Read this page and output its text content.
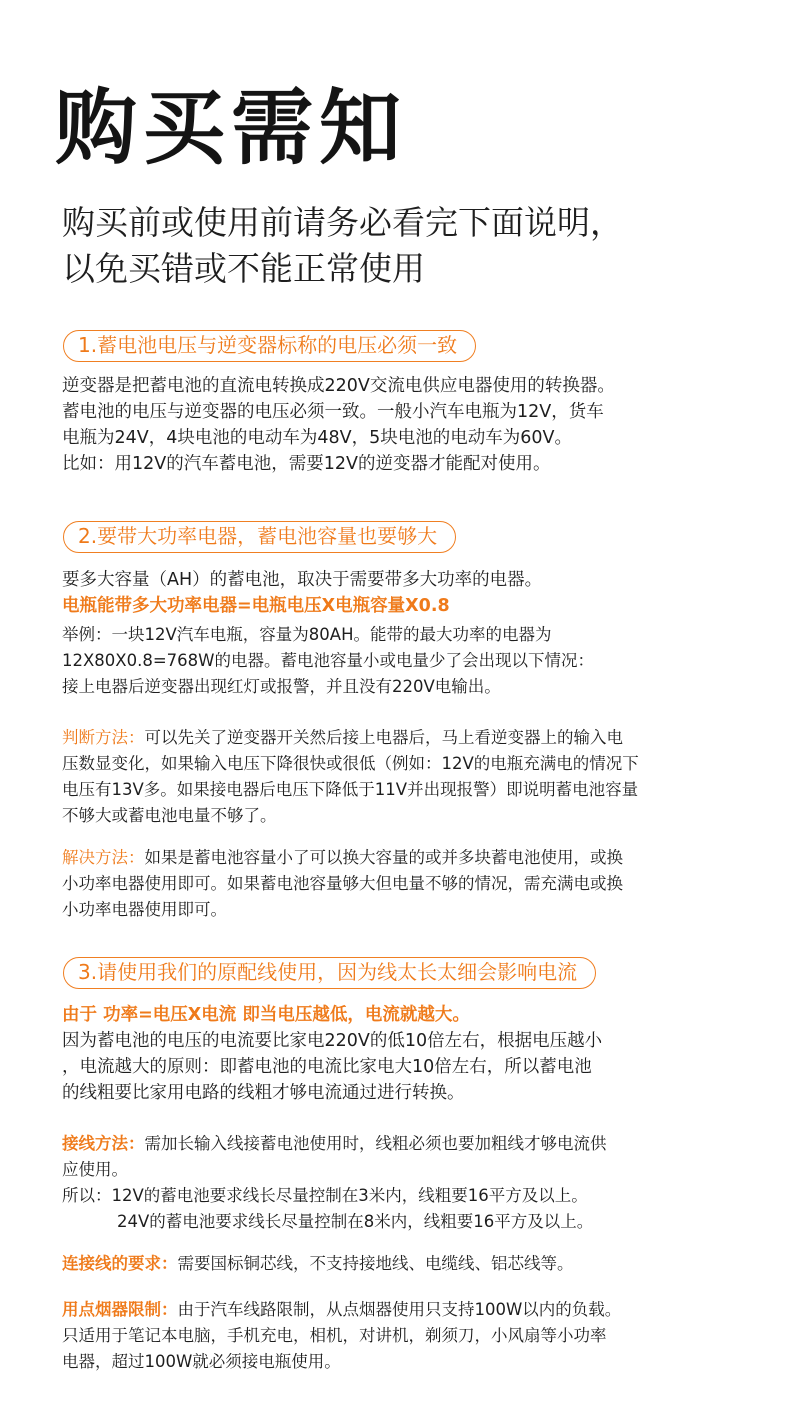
购买需知
购买前或使用前请务必看完下面说明，
以免买错或不能正常使用
1.蓄电池电压与逆变器标称的电压必须一致
逆变器是把蓄电池的直流电转换成220V交流电供应电器使用的转换器。
蓄电池的电压与逆变器的电压必须一致。一般小汽车电瓶为12V，货车
电瓶为24V，4块电池的电动车为48V，5块电池的电动车为60V。
比如：用12V的汽车蓄电池，需要12V的逆变器才能配对使用。
2.要带大功率电器，蓄电池容量也要够大
要多大容量（AH）的蓄电池，取决于需要带多大功率的电器。
电瓶能带多大功率电器=电瓶电压X电瓶容量X0.8
举例：一块12V汽车电瓶，容量为80AH。能带的最大功率的电器为
12X80X0.8=768W的电器。蓄电池容量小或电量少了会出现以下情况：
接上电器后逆变器出现红灯或报警，并且没有220V电输出。
判断方法：可以先关了逆变器开关然后接上电器后，马上看逆变器上的输入电
压数显变化，如果输入电压下降很快或很低（例如：12V的电瓶充满电的情况下
电压有13V多。如果接电器后电压下降低于11V并出现报警）即说明蓄电池容量
不够大或蓄电池电量不够了。
解决方法：如果是蓄电池容量小了可以换大容量的或并多块蓄电池使用，或换
小功率电器使用即可。如果蓄电池容量够大但电量不够的情况，需充满电或换
小功率电器使用即可。
3.请使用我们的原配线使用，因为线太长太细会影响电流
由于 功率=电压X电流 即当电压越低，电流就越大。
因为蓄电池的电压的电流要比家电220V的低10倍左右，根据电压越小
，电流越大的原则：即蓄电池的电流比家电大10倍左右，所以蓄电池
的线粗要比家用电路的线粗才够电流通过进行转换。
接线方法：需加长输入线接蓄电池使用时，线粗必须也要加粗线才够电流供
应使用。
所以：12V的蓄电池要求线长尽量控制在3米内，线粗要16平方及以上。
24V的蓄电池要求线长尽量控制在8米内，线粗要16平方及以上。
连接线的要求：需要国标铜芯线，不支持接地线、电缆线、铝芯线等。
用点烟器限制：由于汽车线路限制，从点烟器使用只支持100W以内的负载。
只适用于笔记本电脑，手机充电，相机，对讲机，剃须刀，小风扇等小功率
电器，超过100W就必须接电瓶使用。
